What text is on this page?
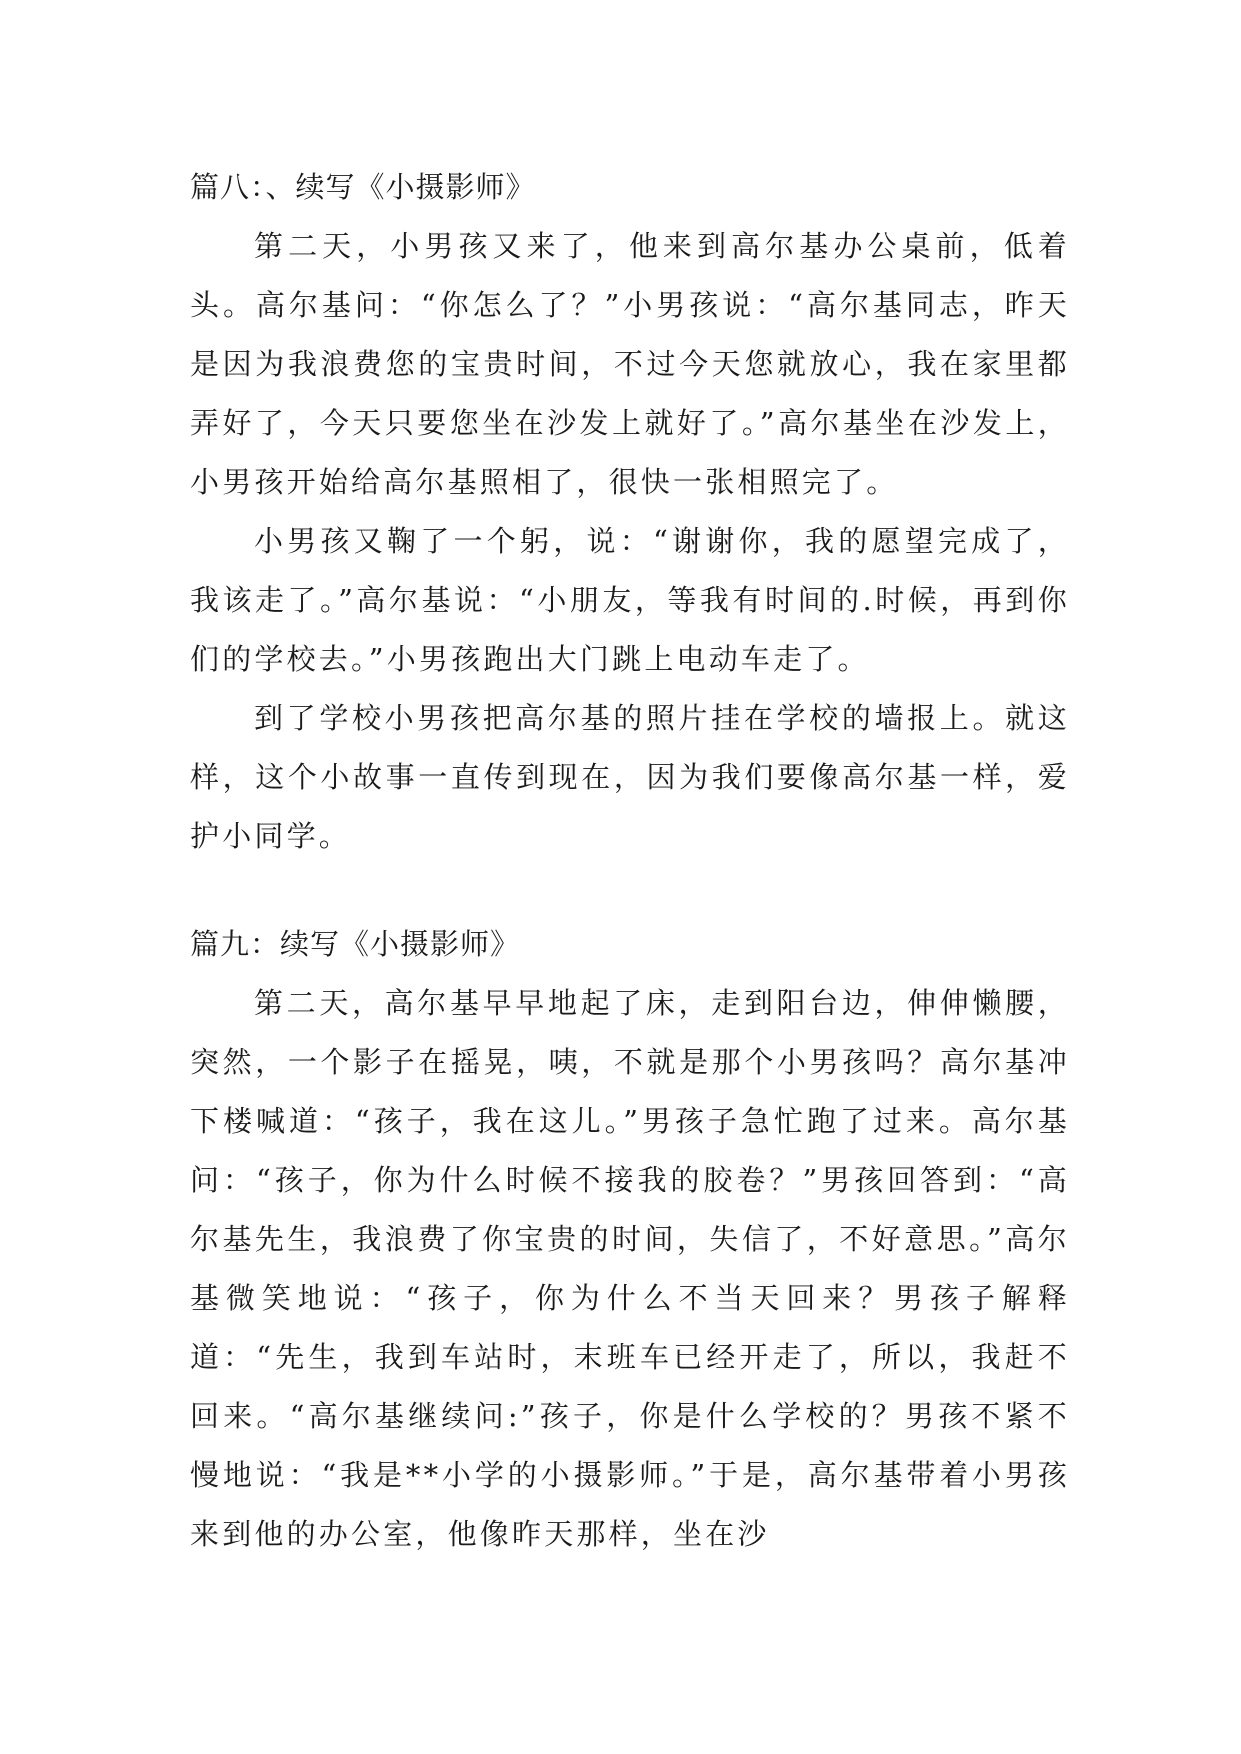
篇八：、续写《小摄影师》

第二天，小男孩又来了，他来到高尔基办公桌前，低着头。高尔基问：“你怎么了？”小男孩说：“高尔基同志，昨天是因为我浪费您的宝贵时间，不过今天您就放心，我在家里都弄好了，今天只要您坐在沙发上就好了。”高尔基坐在沙发上，小男孩开始给高尔基照相了，很快一张相照完了。

小男孩又鞠了一个躬，说：“谢谢你，我的愿望完成了，我该走了。”高尔基说：“小朋友，等我有时间的.时候，再到你们的学校去。”小男孩跑出大门跳上电动车走了。

到了学校小男孩把高尔基的照片挂在学校的墙报上。就这样，这个小故事一直传到现在，因为我们要像高尔基一样，爱护小同学。

篇九：续写《小摄影师》

第二天，高尔基早早地起了床，走到阳台边，伸伸懒腰，突然，一个影子在摇晃，咦，不就是那个小男孩吗？高尔基冲下楼喊道：“孩子，我在这儿。”男孩子急忙跑了过来。高尔基问：“孩子，你为什么时候不接我的胶卷？”男孩回答到：“高尔基先生，我浪费了你宝贵的时间，失信了，不好意思。”高尔基微笑地说：“孩子，你为什么不当天回来？男孩子解释道：“先生，我到车站时，末班车已经开走了，所以，我赶不回来。“高尔基继续问:”孩子，你是什么学校的？男孩不紧不慢地说：“我是**小学的小摄影师。”于是，高尔基带着小男孩来到他的办公室，他像昨天那样，坐在沙
